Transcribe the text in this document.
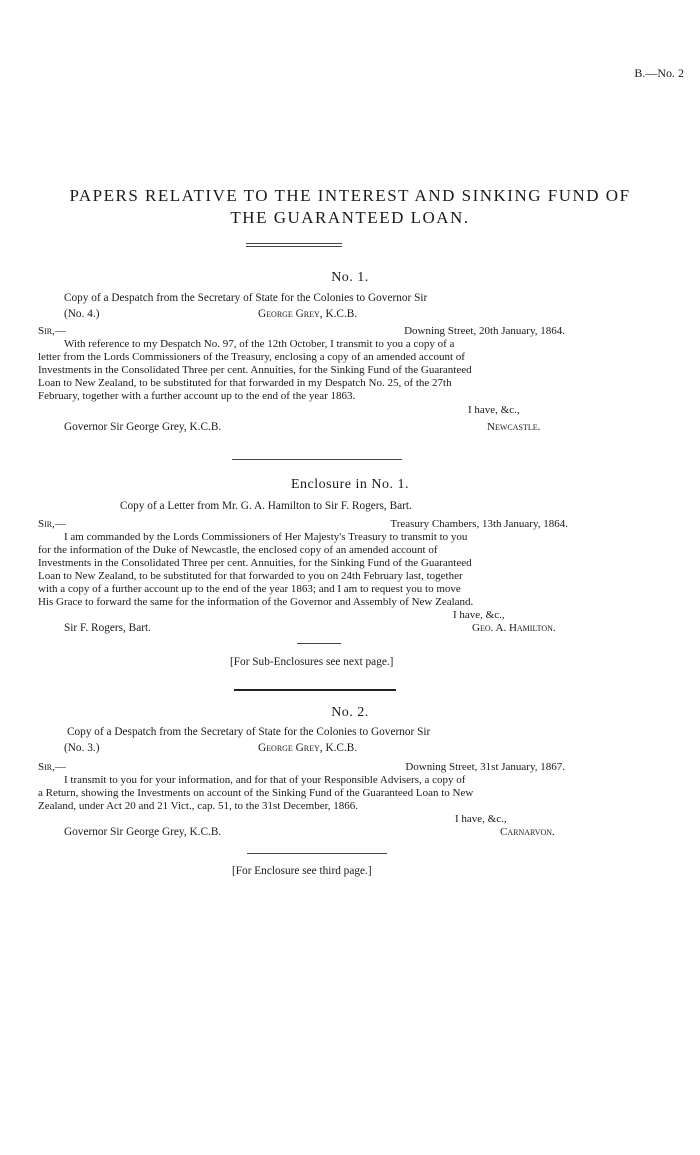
B.—No. 2
PAPERS RELATIVE TO THE INTEREST AND SINKING FUND OF
THE GUARANTEED LOAN.
No. 1.
Copy of a Despatch from the Secretary of State for the Colonies to Governor Sir
(No. 4.)	George Grey, K.C.B.
Sir,—	Downing Street, 20th January, 1864.
With reference to my Despatch No. 97, of the 12th October, I transmit to you a copy of a
letter from the Lords Commissioners of the Treasury, enclosing a copy of an amended account of
Investments in the Consolidated Three per cent. Annuities, for the Sinking Fund of the Guaranteed
Loan to New Zealand, to be substituted for that forwarded in my Despatch No. 25, of the 27th
February, together with a further account up to the end of the year 1863.
I have, &c.,
Governor Sir George Grey, K.C.B.	Newcastle.
Enclosure in No. 1.
Copy of a Letter from Mr. G. A. Hamilton to Sir F. Rogers, Bart.
Sir,—	Treasury Chambers, 13th January, 1864.
I am commanded by the Lords Commissioners of Her Majesty's Treasury to transmit to you
for the information of the Duke of Newcastle, the enclosed copy of an amended account of
Investments in the Consolidated Three per cent. Annuities, for the Sinking Fund of the Guaranteed
Loan to New Zealand, to be substituted for that forwarded to you on 24th February last, together
with a copy of a further account up to the end of the year 1863; and I am to request you to move
His Grace to forward the same for the information of the Governor and Assembly of New Zealand.
I have, &c.,
Sir F. Rogers, Bart.	Geo. A. Hamilton.
[For Sub-Enclosures see next page.]
No. 2.
Copy of a Despatch from the Secretary of State for the Colonies to Governor Sir
(No. 3.)	George Grey, K.C.B.
Sir,—	Downing Street, 31st January, 1867.
I transmit to you for your information, and for that of your Responsible Advisers, a copy of
a Return, showing the Investments on account of the Sinking Fund of the Guaranteed Loan to New
Zealand, under Act 20 and 21 Vict., cap. 51, to the 31st December, 1866.
I have, &c.,
Governor Sir George Grey, K.C.B.	Carnarvon.
[For Enclosure see third page.]
